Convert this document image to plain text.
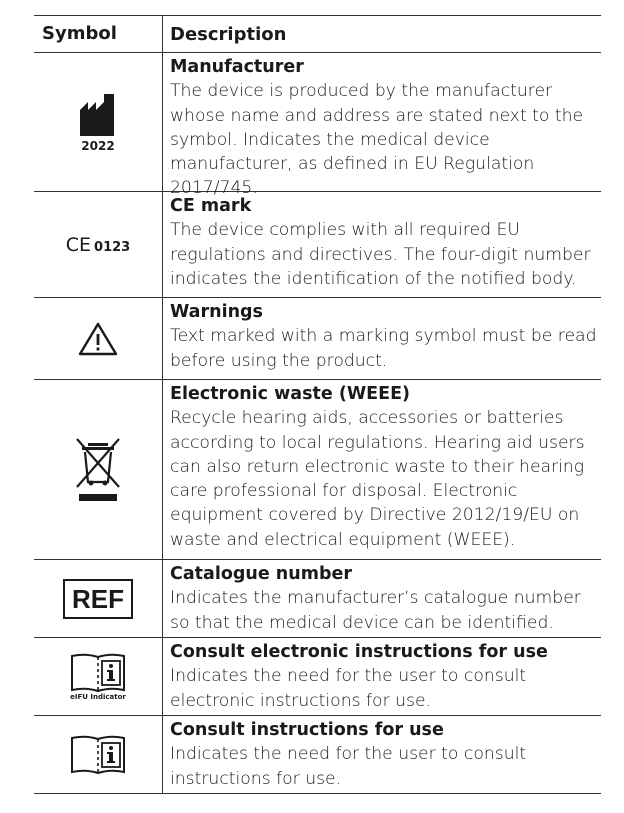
Symbol	Description
2022
Manufacturer
The device is produced by the manufacturer whose name and address are stated next to the symbol. Indicates the medical device manufacturer, as defined in EU Regulation 2017/745.
CE 0123
CE mark
The device complies with all required EU regulations and directives. The four-digit number indicates the identification of the notified body.
Warnings
Text marked with a marking symbol must be read before using the product.
Electronic waste (WEEE)
Recycle hearing aids, accessories or batteries according to local regulations. Hearing aid users can also return electronic waste to their hearing care professional for disposal. Electronic equipment covered by Directive 2012/19/EU on waste and electrical equipment (WEEE).
REF
Catalogue number
Indicates the manufacturer’s catalogue number so that the medical device can be identified.
eIFU Indicator
Consult electronic instructions for use
Indicates the need for the user to consult electronic instructions for use.
Consult instructions for use
Indicates the need for the user to consult instructions for use.
